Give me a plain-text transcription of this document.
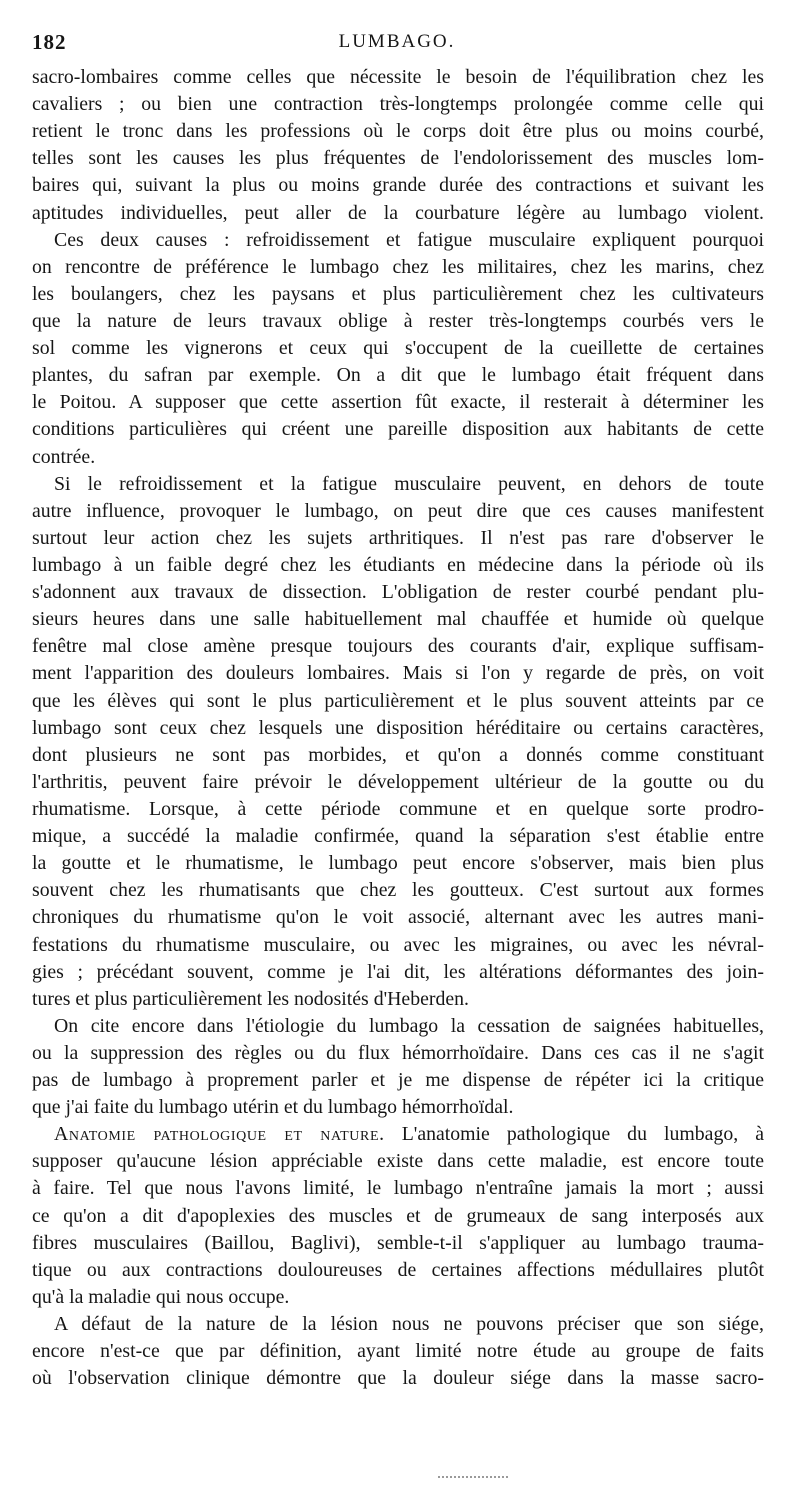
182	LUMBAGO.
sacro-lombaires comme celles que nécessite le besoin de l'équilibration chez les
cavaliers ; ou bien une contraction très-longtemps prolongée comme celle qui
retient le tronc dans les professions où le corps doit être plus ou moins courbé,
telles sont les causes les plus fréquentes de l'endolorissement des muscles lom-
baires qui, suivant la plus ou moins grande durée des contractions et suivant les
aptitudes individuelles, peut aller de la courbature légère au lumbago violent.
Ces deux causes : refroidissement et fatigue musculaire expliquent pourquoi
on rencontre de préférence le lumbago chez les militaires, chez les marins, chez
les boulangers, chez les paysans et plus particulièrement chez les cultivateurs
que la nature de leurs travaux oblige à rester très-longtemps courbés vers le
sol comme les vignerons et ceux qui s'occupent de la cueillette de certaines
plantes, du safran par exemple. On a dit que le lumbago était fréquent dans
le Poitou. A supposer que cette assertion fût exacte, il resterait à déterminer les
conditions particulières qui créent une pareille disposition aux habitants de cette
contrée.
Si le refroidissement et la fatigue musculaire peuvent, en dehors de toute
autre influence, provoquer le lumbago, on peut dire que ces causes manifestent
surtout leur action chez les sujets arthritiques. Il n'est pas rare d'observer le
lumbago à un faible degré chez les étudiants en médecine dans la période où ils
s'adonnent aux travaux de dissection. L'obligation de rester courbé pendant plu-
sieurs heures dans une salle habituellement mal chauffée et humide où quelque
fenêtre mal close amène presque toujours des courants d'air, explique suffisam-
ment l'apparition des douleurs lombaires. Mais si l'on y regarde de près, on voit
que les élèves qui sont le plus particulièrement et le plus souvent atteints par ce
lumbago sont ceux chez lesquels une disposition héréditaire ou certains caractères,
dont plusieurs ne sont pas morbides, et qu'on a donnés comme constituant
l'arthritis, peuvent faire prévoir le développement ultérieur de la goutte ou du
rhumatisme. Lorsque, à cette période commune et en quelque sorte prodro-
mique, a succédé la maladie confirmée, quand la séparation s'est établie entre
la goutte et le rhumatisme, le lumbago peut encore s'observer, mais bien plus
souvent chez les rhumatisants que chez les goutteux. C'est surtout aux formes
chroniques du rhumatisme qu'on le voit associé, alternant avec les autres mani-
festations du rhumatisme musculaire, ou avec les migraines, ou avec les névral-
gies ; précédant souvent, comme je l'ai dit, les altérations déformantes des join-
tures et plus particulièrement les nodosités d'Heberden.
On cite encore dans l'étiologie du lumbago la cessation de saignées habituelles,
ou la suppression des règles ou du flux hémorrhoïdaire. Dans ces cas il ne s'agit
pas de lumbago à proprement parler et je me dispense de répéter ici la critique
que j'ai faite du lumbago utérin et du lumbago hémorrhoïdal.
Anatomie pathologique et nature. L'anatomie pathologique du lumbago, à
supposer qu'aucune lésion appréciable existe dans cette maladie, est encore toute
à faire. Tel que nous l'avons limité, le lumbago n'entraîne jamais la mort ; aussi
ce qu'on a dit d'apoplexies des muscles et de grumeaux de sang interposés aux
fibres musculaires (Baillou, Baglivi), semble-t-il s'appliquer au lumbago trauma-
tique ou aux contractions douloureuses de certaines affections médullaires plutôt
qu'à la maladie qui nous occupe.
A défaut de la nature de la lésion nous ne pouvons préciser que son siége,
encore n'est-ce que par définition, ayant limité notre étude au groupe de faits
où l'observation clinique démontre que la douleur siége dans la masse sacro-
